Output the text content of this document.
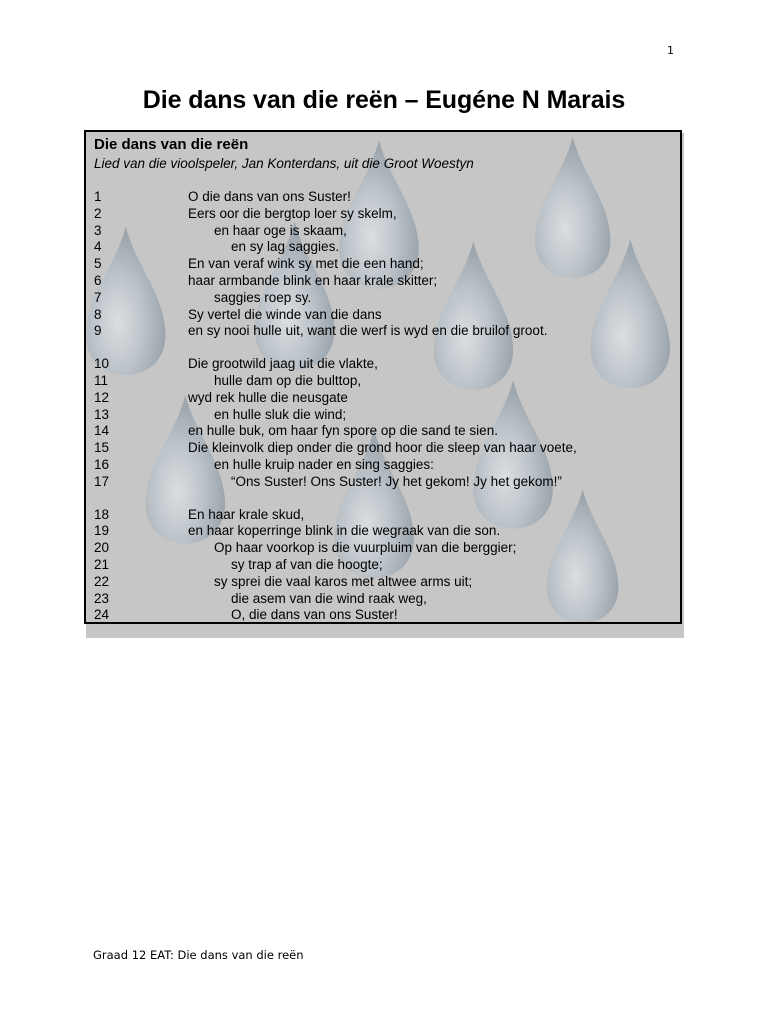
1
Die dans van die reën – Eugéne N Marais
Die dans van die reën
Lied van die vioolspeler, Jan Konterdans, uit die Groot Woestyn
1	O die dans van ons Suster!
2	Eers oor die bergtop loer sy skelm,
3	en haar oge is skaam,
4	en sy lag saggies.
5	En van veraf wink sy met die een hand;
6	haar armbande blink en haar krale skitter;
7	saggies roep sy.
8	Sy vertel die winde van die dans
9	en sy nooi hulle uit, want die werf is wyd en die bruilof groot.
10	Die grootwild jaag uit die vlakte,
11	hulle dam op die bulttop,
12	wyd rek hulle die neusgate
13	en hulle sluk die wind;
14	en hulle buk, om haar fyn spore op die sand te sien.
15	Die kleinvolk diep onder die grond hoor die sleep van haar voete,
16	en hulle kruip nader en sing saggies:
17	“Ons Suster! Ons Suster! Jy het gekom! Jy het gekom!”
18	En haar krale skud,
19	en haar koperringe blink in die wegraak van die son.
20	Op haar voorkop is die vuurpluim van die berggier;
21	sy trap af van die hoogte;
22	sy sprei die vaal karos met altwee arms uit;
23	die asem van die wind raak weg,
24	O, die dans van ons Suster!
Graad 12 EAT: Die dans van die reën
